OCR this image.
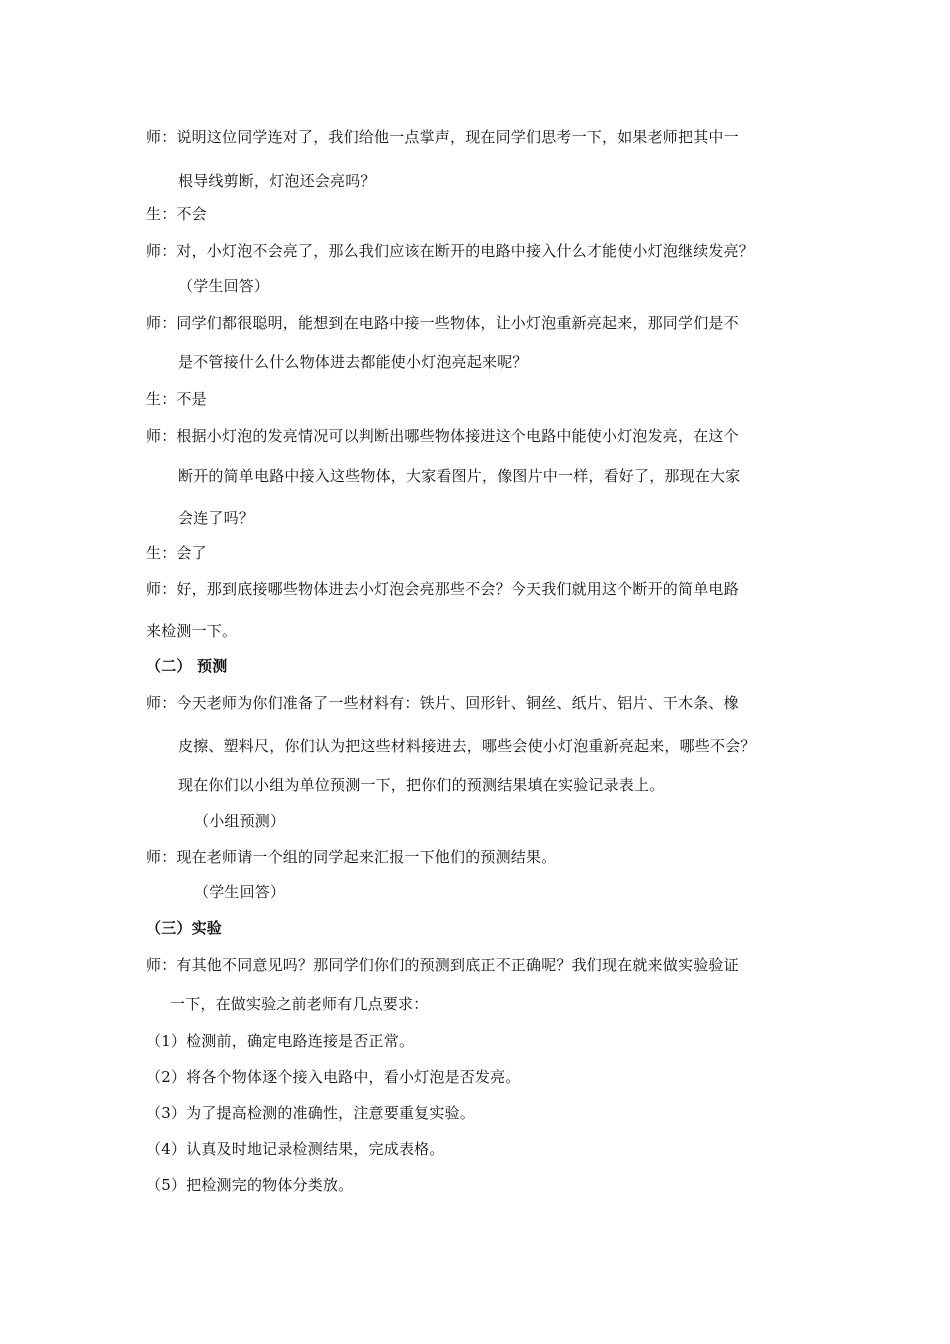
师：说明这位同学连对了，我们给他一点掌声，现在同学们思考一下，如果老师把其中一

根导线剪断，灯泡还会亮吗？

生：不会

师：对，小灯泡不会亮了，那么我们应该在断开的电路中接入什么才能使小灯泡继续发亮？

（学生回答）

师：同学们都很聪明，能想到在电路中接一些物体，让小灯泡重新亮起来，那同学们是不

是不管接什么什么物体进去都能使小灯泡亮起来呢？

生：不是

师：根据小灯泡的发亮情况可以判断出哪些物体接进这个电路中能使小灯泡发亮，在这个

断开的简单电路中接入这些物体，大家看图片，像图片中一样，看好了，那现在大家

会连了吗？

生：会了

师：好，那到底接哪些物体进去小灯泡会亮那些不会？今天我们就用这个断开的简单电路

来检测一下。

（二） 预测

师：今天老师为你们准备了一些材料有：铁片、回形针、铜丝、纸片、铝片、干木条、橡

皮擦、塑料尺，你们认为把这些材料接进去，哪些会使小灯泡重新亮起来，哪些不会？

现在你们以小组为单位预测一下，把你们的预测结果填在实验记录表上。

（小组预测）

师：现在老师请一个组的同学起来汇报一下他们的预测结果。

（学生回答）

（三）实验

师：有其他不同意见吗？那同学们你们的预测到底正不正确呢？我们现在就来做实验验证

一下，在做实验之前老师有几点要求：

（1）检测前，确定电路连接是否正常。

（2）将各个物体逐个接入电路中，看小灯泡是否发亮。

（3）为了提高检测的准确性，注意要重复实验。

（4）认真及时地记录检测结果，完成表格。

（5）把检测完的物体分类放。
